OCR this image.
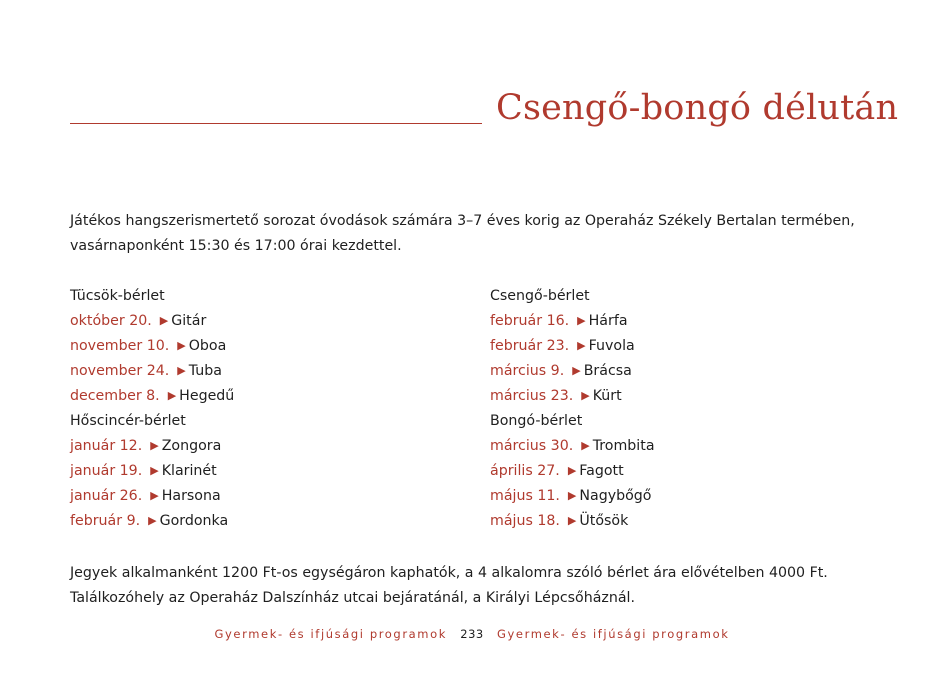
Csengő-bongó délután

Játékos hangszerismertető sorozat óvodások számára 3–7 éves korig az Operaház Székely Bertalan termében,

vasárnaponként 15:30 és 17:00 órai kezdettel.

Tücsök-bérlet
október 20. ▶ Gitár
november 10. ▶ Oboa
november 24. ▶ Tuba
december 8. ▶ Hegedű
Hőscincér-bérlet
január 12. ▶ Zongora
január 19. ▶ Klarinét
január 26. ▶ Harsona
február 9. ▶ Gordonka
Csengő-bérlet
február 16. ▶ Hárfa
február 23. ▶ Fuvola
március 9. ▶ Brácsa
március 23. ▶ Kürt
Bongó-bérlet
március 30. ▶ Trombita
április 27. ▶ Fagott
május 11. ▶ Nagybőgő
május 18. ▶ Ütősök

Jegyek alkalmanként 1200 Ft-os egységáron kaphatók, a 4 alkalomra szóló bérlet ára elővételben 4000 Ft.

Találkozóhely az Operaház Dalszínház utcai bejáratánál, a Királyi Lépcsőháznál.

Gyermek- és ifjúsági programok 233 Gyermek- és ifjúsági programok
